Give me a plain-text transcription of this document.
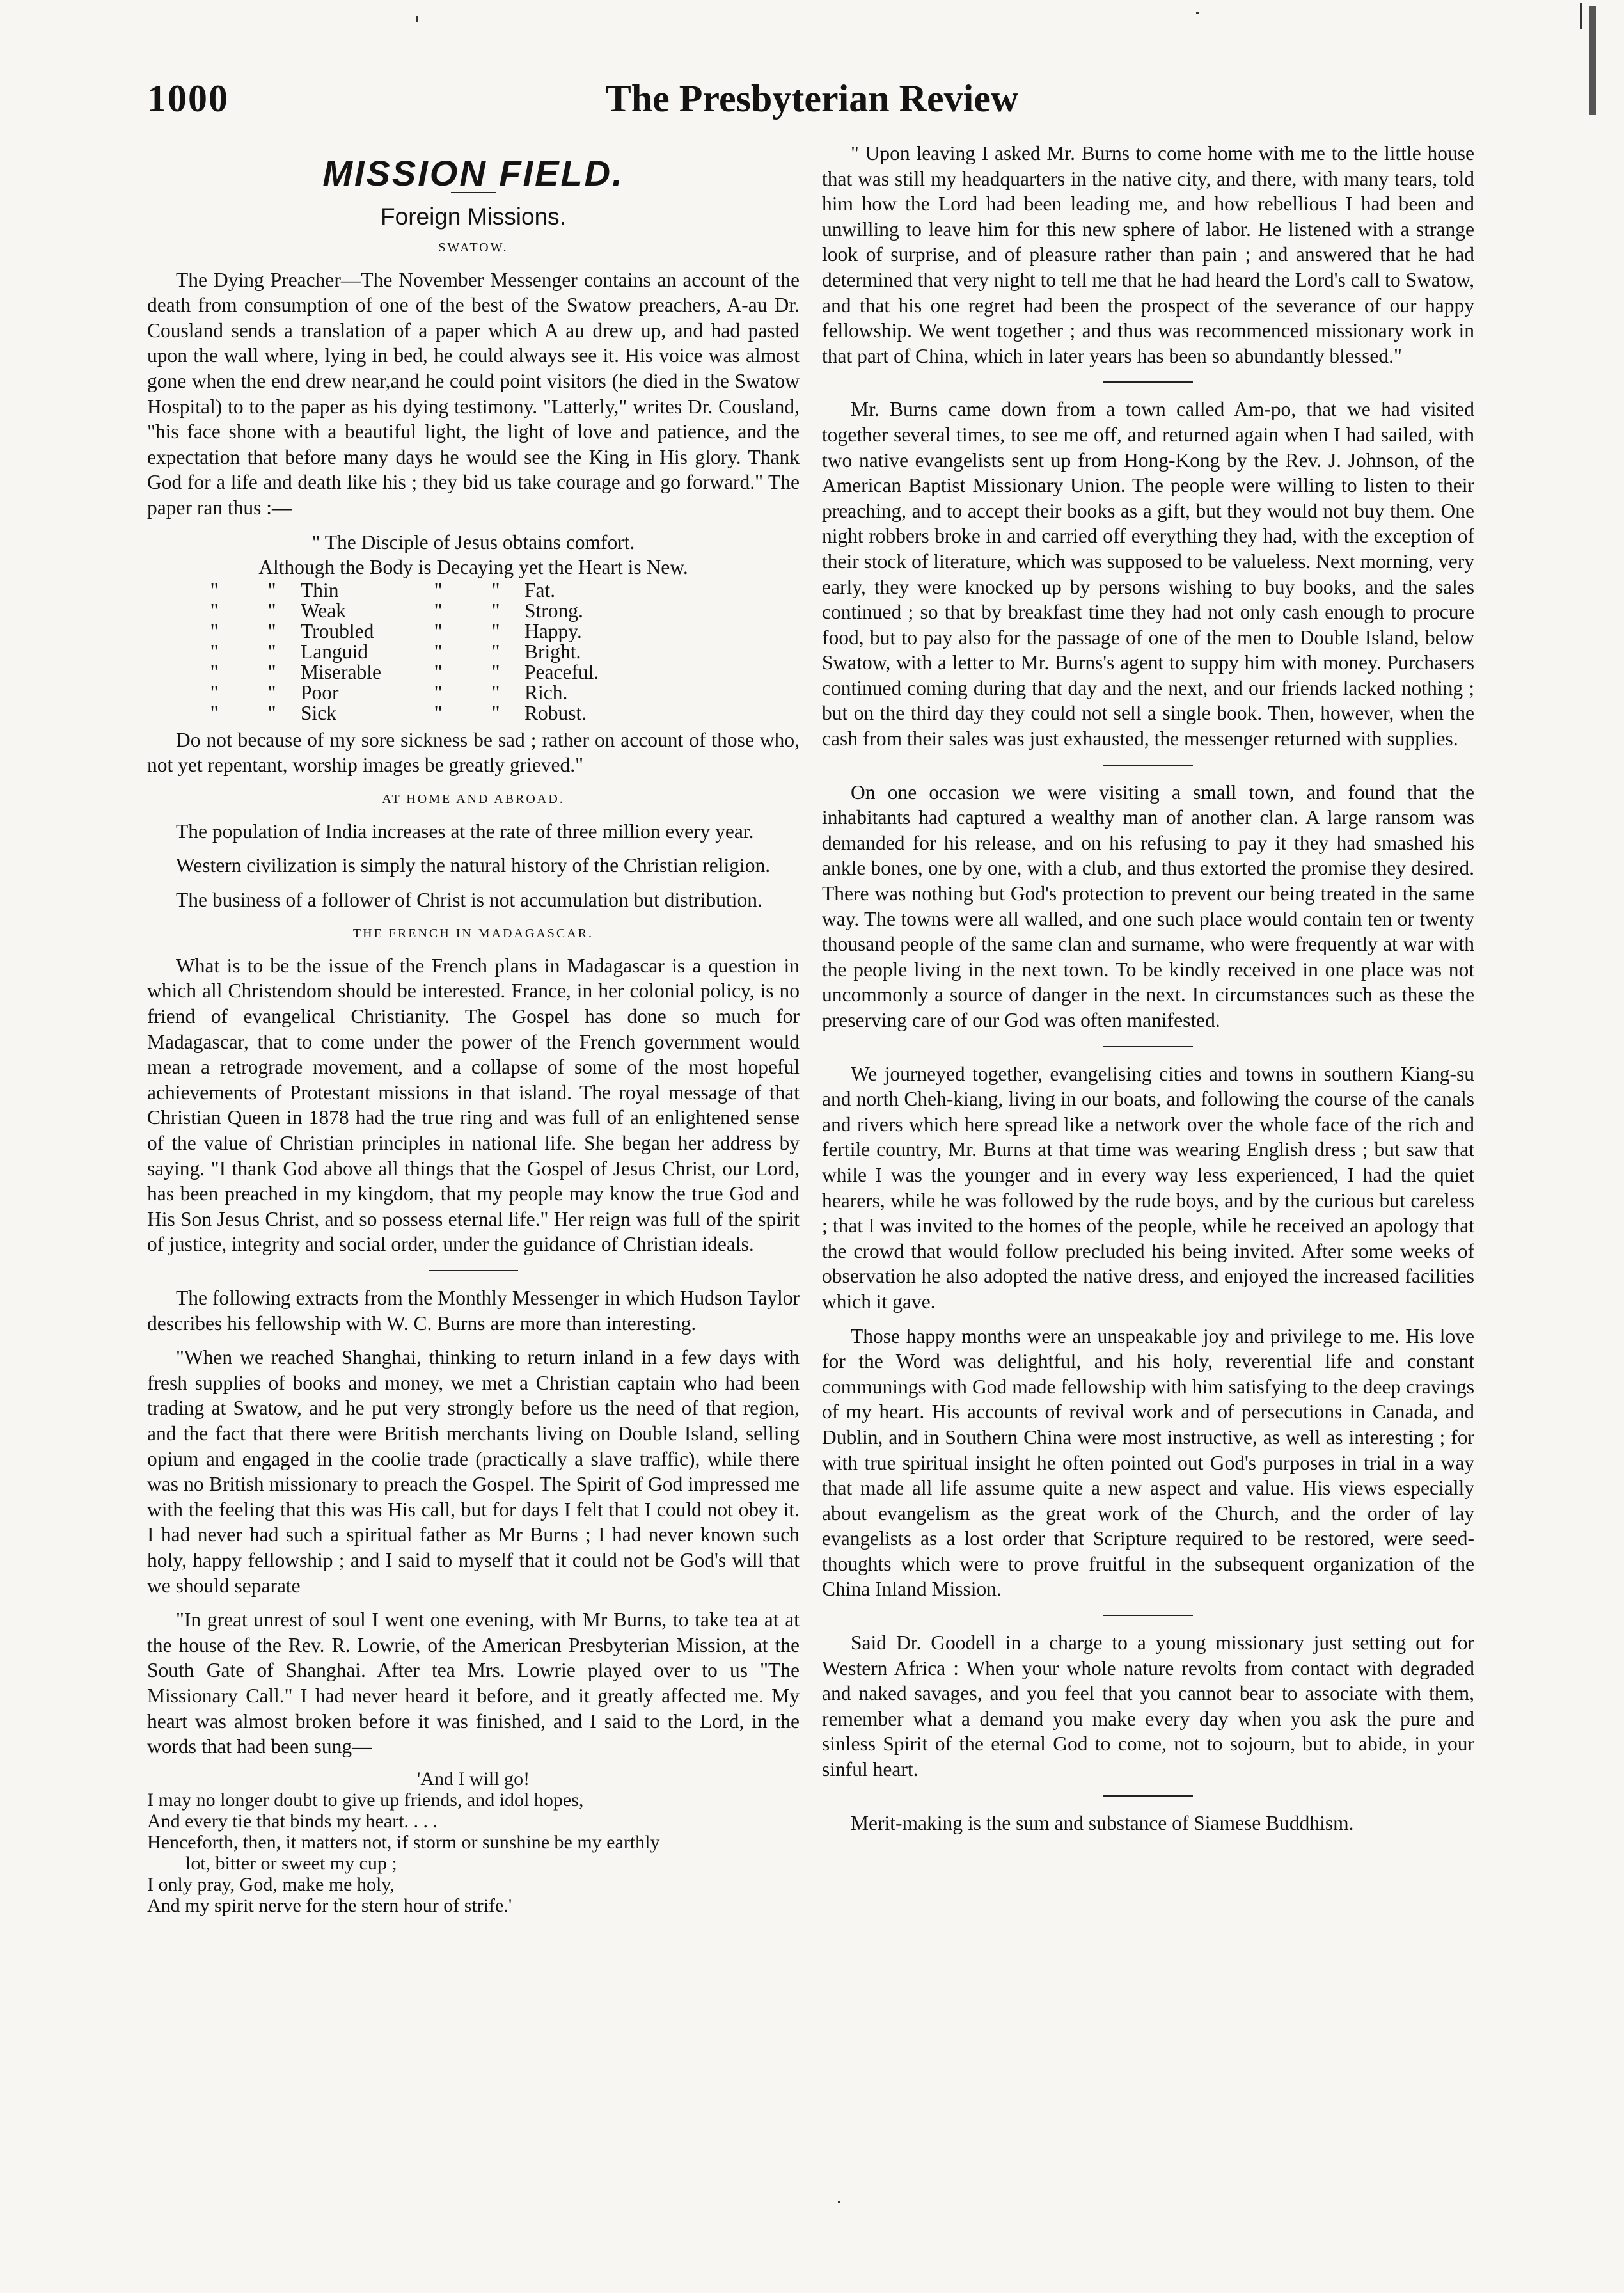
The Presbyterian Review
1000
MISSION FIELD.
Foreign Missions.
SWATOW.

The Dying Preacher—The November Messenger contains an account of the death from consumption of one of the best of the Swatow preachers, A-au Dr. Cousland sends a translation of a paper which A au drew up, and had pasted upon the wall where, lying in bed, he could always see it. His voice was almost gone when the end drew near,and he could point visitors (he died in the Swatow Hospital) to to the paper as his dying testimony. "Latterly," writes Dr. Cousland, "his face shone with a beautiful light, the light of love and patience, and the expectation that before many days he would see the King in His glory. Thank God for a life and death like his ; they bid us take courage and go forward." The paper ran thus :—

" The Disciple of Jesus obtains comfort.

Although the Body is Decaying yet the Heart is New.

"	"	Thin	"	"	Fat.
"	"	Weak	"	"	Strong.
"	"	Troubled	"	"	Happy.
"	"	Languid	"	"	Bright.
"	"	Miserable	"	"	Peaceful.
"	"	Poor	"	"	Rich.
"	"	Sick	"	"	Robust.

Do not because of my sore sickness be sad ; rather on account of those who, not yet repentant, worship images be greatly grieved."

AT HOME AND ABROAD.

The population of India increases at the rate of three million every year.

Western civilization is simply the natural history of the Christian religion.

The business of a follower of Christ is not accumulation but distribution.

THE FRENCH IN MADAGASCAR.

What is to be the issue of the French plans in Madagascar is a question in which all Christendom should be interested. France, in her colonial policy, is no friend of evangelical Christianity. The Gospel has done so much for Madagascar, that to come under the power of the French government would mean a retrograde movement, and a collapse of some of the most hopeful achievements of Protestant missions in that island. The royal message of that Christian Queen in 1878 had the true ring and was full of an enlightened sense of the value of Christian principles in national life. She began her address by saying. "I thank God above all things that the Gospel of Jesus Christ, our Lord, has been preached in my kingdom, that my people may know the true God and His Son Jesus Christ, and so possess eternal life." Her reign was full of the spirit of justice, integrity and social order, under the guidance of Christian ideals.

The following extracts from the Monthly Messenger in which Hudson Taylor describes his fellowship with W. C. Burns are more than interesting.

"When we reached Shanghai, thinking to return inland in a few days with fresh supplies of books and money, we met a Christian captain who had been trading at Swatow, and he put very strongly before us the need of that region, and the fact that there were British merchants living on Double Island, selling opium and engaged in the coolie trade (practically a slave traffic), while there was no British missionary to preach the Gospel. The Spirit of God impressed me with the feeling that this was His call, but for days I felt that I could not obey it. I had never had such a spiritual father as Mr Burns ; I had never known such holy, happy fellowship ; and I said to myself that it could not be God's will that we should separate

"In great unrest of soul I went one evening, with Mr Burns, to take tea at at the house of the Rev. R. Lowrie, of the American Presbyterian Mission, at the South Gate of Shanghai. After tea Mrs. Lowrie played over to us "The Missionary Call." I had never heard it before, and it greatly affected me. My heart was almost broken before it was finished, and I said to the Lord, in the words that had been sung—

'And I will go!
I may no longer doubt to give up friends, and idol hopes,
And every tie that binds my heart. . . .
Henceforth, then, it matters not, if storm or sunshine be my earthly
lot, bitter or sweet my cup ;
I only pray, God, make me holy,
And my spirit nerve for the stern hour of strife.'

" Upon leaving I asked Mr. Burns to come home with me to the little house that was still my headquarters in the native city, and there, with many tears, told him how the Lord had been leading me, and how rebellious I had been and unwilling to leave him for this new sphere of labor. He listened with a strange look of surprise, and of pleasure rather than pain ; and answered that he had determined that very night to tell me that he had heard the Lord's call to Swatow, and that his one regret had been the prospect of the severance of our happy fellowship. We went together ; and thus was recommenced missionary work in that part of China, which in later years has been so abundantly blessed."

Mr. Burns came down from a town called Am-po, that we had visited together several times, to see me off, and returned again when I had sailed, with two native evangelists sent up from Hong-Kong by the Rev. J. Johnson, of the American Baptist Missionary Union. The people were willing to listen to their preaching, and to accept their books as a gift, but they would not buy them. One night robbers broke in and carried off everything they had, with the exception of their stock of literature, which was supposed to be valueless. Next morning, very early, they were knocked up by persons wishing to buy books, and the sales continued ; so that by breakfast time they had not only cash enough to procure food, but to pay also for the passage of one of the men to Double Island, below Swatow, with a letter to Mr. Burns's agent to suppy him with money. Purchasers continued coming during that day and the next, and our friends lacked nothing ; but on the third day they could not sell a single book. Then, however, when the cash from their sales was just exhausted, the messenger returned with supplies.

On one occasion we were visiting a small town, and found that the inhabitants had captured a wealthy man of another clan. A large ransom was demanded for his release, and on his refusing to pay it they had smashed his ankle bones, one by one, with a club, and thus extorted the promise they desired. There was nothing but God's protection to prevent our being treated in the same way. The towns were all walled, and one such place would contain ten or twenty thousand people of the same clan and surname, who were frequently at war with the people living in the next town. To be kindly received in one place was not uncommonly a source of danger in the next. In circumstances such as these the preserving care of our God was often manifested.

We journeyed together, evangelising cities and towns in southern Kiang-su and north Cheh-kiang, living in our boats, and following the course of the canals and rivers which here spread like a network over the whole face of the rich and fertile country, Mr. Burns at that time was wearing English dress ; but saw that while I was the younger and in every way less experienced, I had the quiet hearers, while he was followed by the rude boys, and by the curious but careless ; that I was invited to the homes of the people, while he received an apology that the crowd that would follow precluded his being invited. After some weeks of observation he also adopted the native dress, and enjoyed the increased facilities which it gave.

Those happy months were an unspeakable joy and privilege to me. His love for the Word was delightful, and his holy, reverential life and constant communings with God made fellowship with him satisfying to the deep cravings of my heart. His accounts of revival work and of persecutions in Canada, and Dublin, and in Southern China were most instructive, as well as interesting ; for with true spiritual insight he often pointed out God's purposes in trial in a way that made all life assume quite a new aspect and value. His views especially about evangelism as the great work of the Church, and the order of lay evangelists as a lost order that Scripture required to be restored, were seed-thoughts which were to prove fruitful in the subsequent organization of the China Inland Mission.

Said Dr. Goodell in a charge to a young missionary just setting out for Western Africa : When your whole nature revolts from contact with degraded and naked savages, and you feel that you cannot bear to associate with them, remember what a demand you make every day when you ask the pure and sinless Spirit of the eternal God to come, not to sojourn, but to abide, in your sinful heart.

Merit-making is the sum and substance of Siamese Buddhism.
